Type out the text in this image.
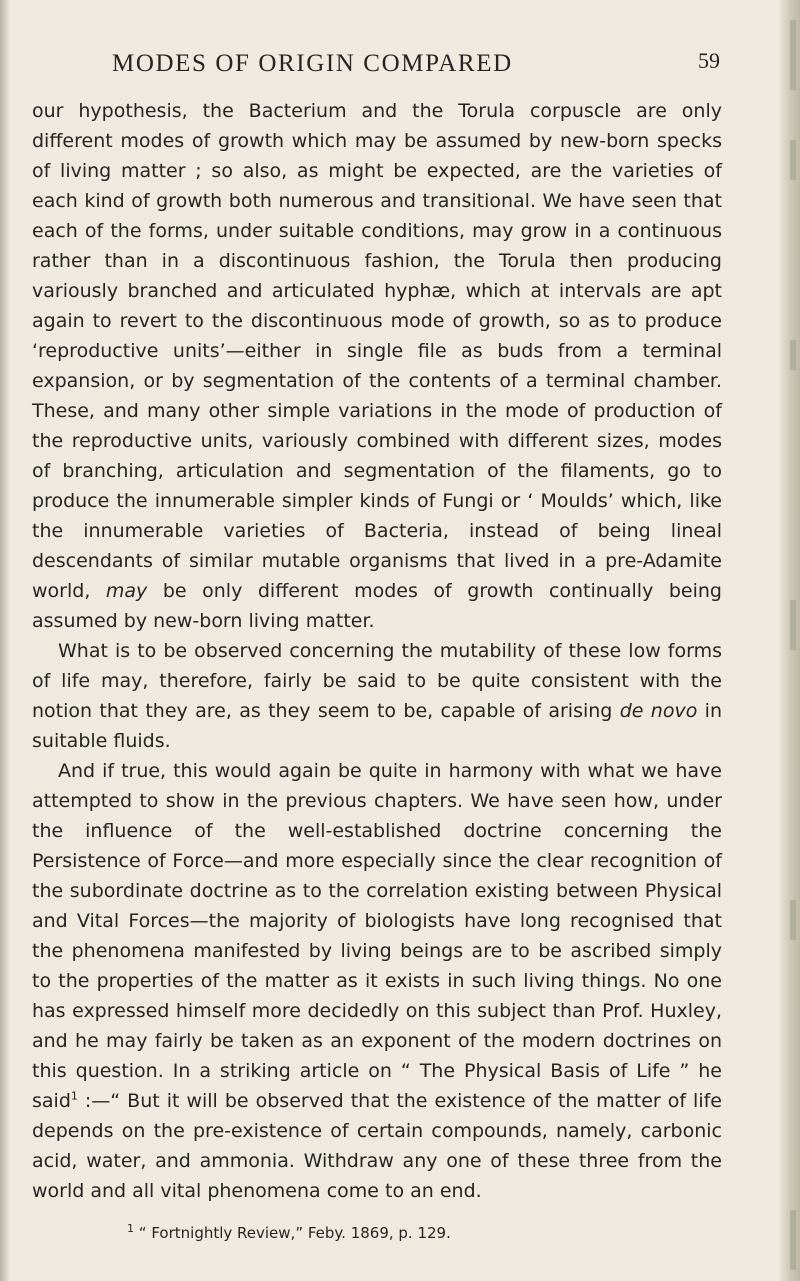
MODES OF ORIGIN COMPARED	59

our hypothesis, the Bacterium and the Torula corpuscle are only different modes of growth which may be assumed by new-born specks of living matter ; so also, as might be expected, are the varieties of each kind of growth both numerous and transitional. We have seen that each of the forms, under suitable conditions, may grow in a continuous rather than in a discontinuous fashion, the Torula then producing variously branched and articulated hyphæ, which at intervals are apt again to revert to the discontinuous mode of growth, so as to produce ‘reproductive units’—either in single file as buds from a terminal expansion, or by segmentation of the contents of a terminal chamber. These, and many other simple variations in the mode of production of the reproductive units, variously combined with different sizes, modes of branching, articulation and segmentation of the filaments, go to produce the innumerable simpler kinds of Fungi or ‘ Moulds’ which, like the innumerable varieties of Bacteria, instead of being lineal descendants of similar mutable organisms that lived in a pre-Adamite world, may be only different modes of growth continually being assumed by new-born living matter.

What is to be observed concerning the mutability of these low forms of life may, therefore, fairly be said to be quite consistent with the notion that they are, as they seem to be, capable of arising de novo in suitable fluids.

And if true, this would again be quite in harmony with what we have attempted to show in the previous chapters. We have seen how, under the influence of the well-established doctrine concerning the Persistence of Force—and more especially since the clear recognition of the subordinate doctrine as to the correlation existing between Physical and Vital Forces—the majority of biologists have long recognised that the phenomena manifested by living beings are to be ascribed simply to the properties of the matter as it exists in such living things. No one has expressed himself more decidedly on this subject than Prof. Huxley, and he may fairly be taken as an exponent of the modern doctrines on this question. In a striking article on “ The Physical Basis of Life ” he said$^1$ :—“ But it will be observed that the existence of the matter of life depends on the pre-existence of certain compounds, namely, carbonic acid, water, and ammonia. Withdraw any one of these three from the world and all vital phenomena come to an end.

$^1$ “ Fortnightly Review,” Feby. 1869, p. 129.
